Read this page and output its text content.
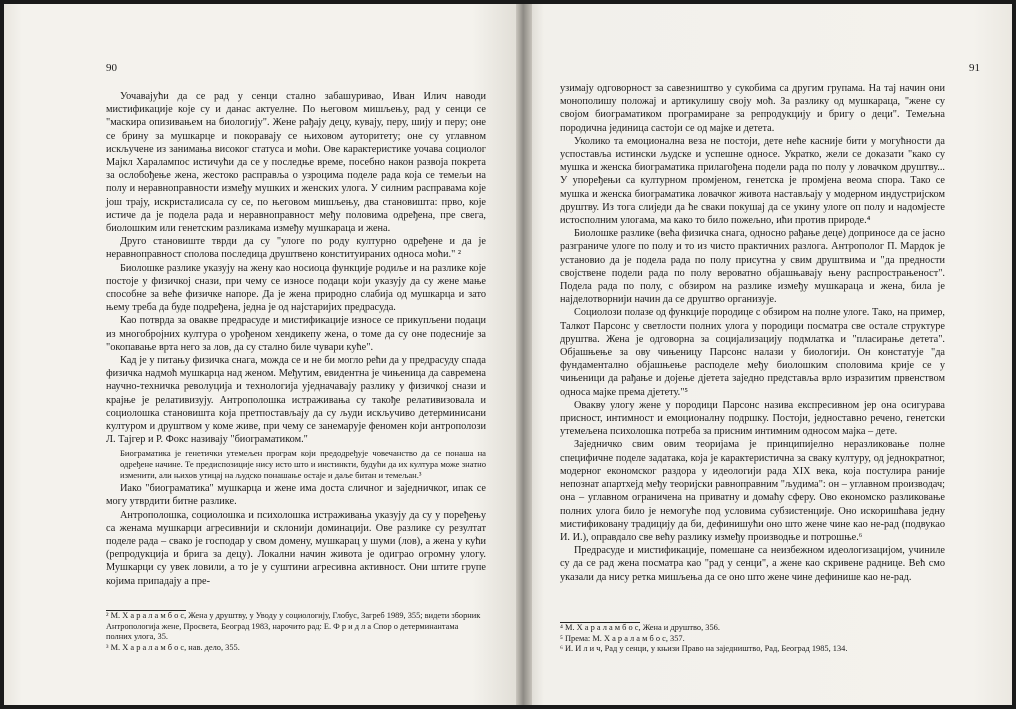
90

Уочавајући да се рад у сенци стално забашуривао, Иван Илич наводи мистификације које су и данас актуелне. По његовом мишљењу, рад у сенци се "маскира опизивањем на биологију". Жене рађају децу, кувају, перу, шију и перу; оне се брину за мушкарце и покоравају се њиховом ауторитету; оне су углавном искључене из занимања високог статуса и моћи. Ове карактеристике уочава социолог Мајкл Харалампос истичући да се у последње време, посебно након развоја покрета за ослобођење жена, жестоко расправља о узроцима поделе рада која се темељи на полу и неравноправности између мушких и женских улога. У силним расправама које још трају, искристалисала су се, по његовом мишљењу, два становишта: прво, које истиче да је подела рада и неравноправност међу половима одређена, пре свега, биолошким или генетским разликама између мушкараца и жена.

Друго становиште тврди да су "улоге по роду културно одређене и да је неравноправност сполова последица друштвено конституираних односа моћи." ²

Биолошке разлике указују на жену као носиоца функције родиље и на разлике које постоје у физичкој снази, при чему се износе подаци који указују да су жене мање способне за веће физичке напоре. Да је жена природно слабија од мушкарца и зато њему треба да буде подређена, једна је од најстаријих предрасуда.

Као потврда за овакве предрасуде и мистификације износе се прикупљени подаци из многобројних култура о урођеном хендикепу жена, о томе да су оне подесније за "окопавање врта него за лов, да су стално биле чувари куће".

Кад је у питању физичка снага, можда се и не би могло рећи да у предрасуду спада физичка надмоћ мушкарца над женом. Међутим, евидентна је чињеница да савремена научно-техничка револуција и технологија уједначавају разлику у физичкој снази и крајње је релативизују. Антрополошка истраживања су такође релативизовала и социолошка становишта која претпостављају да су људи искључиво детерминисани културом и друштвом у коме живе, при чему се занемарује феномен који антрополози Л. Тајгер и Р. Фокс називају "биограматиком."

Биограматика је генетички утемељен програм који предодређује човечанство да се понаша на одређене начине. Те предиспозиције нису исто што и инстинкти, будући да их култура може знатно изменити, али њихов утицај на људско понашање остаје и даље битан и темељан.³

Иако "биограматика" мушкарца и жене има доста сличног и заједничког, ипак се могу утврдити битне разлике.

Антрополошка, социолошка и психолошка истраживања указују да су у поређењу са женама мушкарци агресивнији и склонији доминацији. Ове разлике су резултат поделе рада – свако је господар у свом домену, мушкарац у шуми (лов), а жена у кући (репродукција и брига за децу). Локални начин живота је одиграо огромну улогу. Мушкарци су увек ловили, а то је у суштини агресивна активност. Они штите групе којима припадају а пре-

² М. Х а р а л а м б о с, Жена у друштву, у Уводу у социологију, Глобус, Загреб 1989, 355; видети зборник Антропологија жене, Просвета, Београд 1983, нарочито рад: Е. Ф р и д л а Спор о детерминантама полних улога, 35.
³ М. Х а р а л а м б о с, нав. дело, 355.
91

узимају одговорност за савезништво у сукобима са другим групама. На тај начин они монополишу положај и артикулишу своју моћ. За разлику од мушкараца, "жене су својом биограматиком програмиране за репродукцију и бригу о деци". Темељна породична јединица састоји се од мајке и детета.

Уколико та емоционална веза не постоји, дете неће касније бити у могућности да успоставља истински људске и успешне односе. Укратко, жели се доказати "како су мушка и женска биограматика прилагођена подели рада по полу у ловачком друштву... У упоређењи са културном промјеном, генетска је промјена веома спора. Тако се мушка и женска биограматика ловачког живота настављају у модерном индустријском друштву. Из тога слиједи да ће сваки покушај да се укину улоге оп полу и надомјесте истосполним улогама, ма како то било пожељно, ићи против природе.⁴

Биолошке разлике (већа физичка снага, односно рађање деце) доприносе да се јасно разграниче улоге по полу и то из чисто практичних разлога. Антрополог П. Мардок је установио да је подела рада по полу присутна у свим друштвима и "да предности својствене подели рада по полу вероватно објашњавају њену распрострањеност". Подела рада по полу, с обзиром на разлике између мушкараца и жена, била је најделотворнији начин да се друштво организује.

Социолози полазе од функције породице с обзиром на полне улоге. Тако, на пример, Талкот Парсонс у светлости полних улога у породици посматра све остале структуре друштва. Жена је одговорна за социјализацију подмлатка и "пласирање детета". Објашњење за ову чињеницу Парсонс налази у биологији. Он констатује "да фундаментално објашњење расподеле међу биолошким споловима крије се у чињеници да рађање и дојење дјетета заједно представља врло изразитим првенством односа мајке према дјетету."⁵

Овакву улогу жене у породици Парсонс назива експресивном јер она осигурава присност, интимност и емоционалну подршку. Постоји, једноставно речено, генетски утемељена психолошка потреба за присним интимним односом мајка – дете.

Заједничко свим овим теоријама је принципијелно неразликовање полне специфичне поделе задатака, која је карактеристична за сваку културу, од једнократног, модерног економског раздора у идеологији рада XIX века, која постулира раније непознат апартхејд међу теоријски равноправним "људима": он – углавном производач; она – углавном ограничена на приватну и домаћу сферу. Ово економско разликовање полних улога било је немогуће под условима субзистенције. Оно искоришћава једну мистификовану традицију да би, дефинишући оно што жене чине као не-рад (подвукао И. И.), оправдало све већу разлику између производње и потрошње.⁶

Предрасуде и мистификације, помешане са неизбежном идеологизацијом, учиниле су да се рад жена посматра као "рад у сенци", а жене као скривене раднице. Већ смо указали да нису ретка мишљења да се оно што жене чине дефинише као не-рад.

⁴ М. Х а р а л а м б о с, Жена и друштво, 356.
⁵ Према: М. Х а р а л а м б о с, 357.
⁶ И. И л и ч, Рад у сенци, у књизи Право на заједништво, Рад, Београд 1985, 134.
